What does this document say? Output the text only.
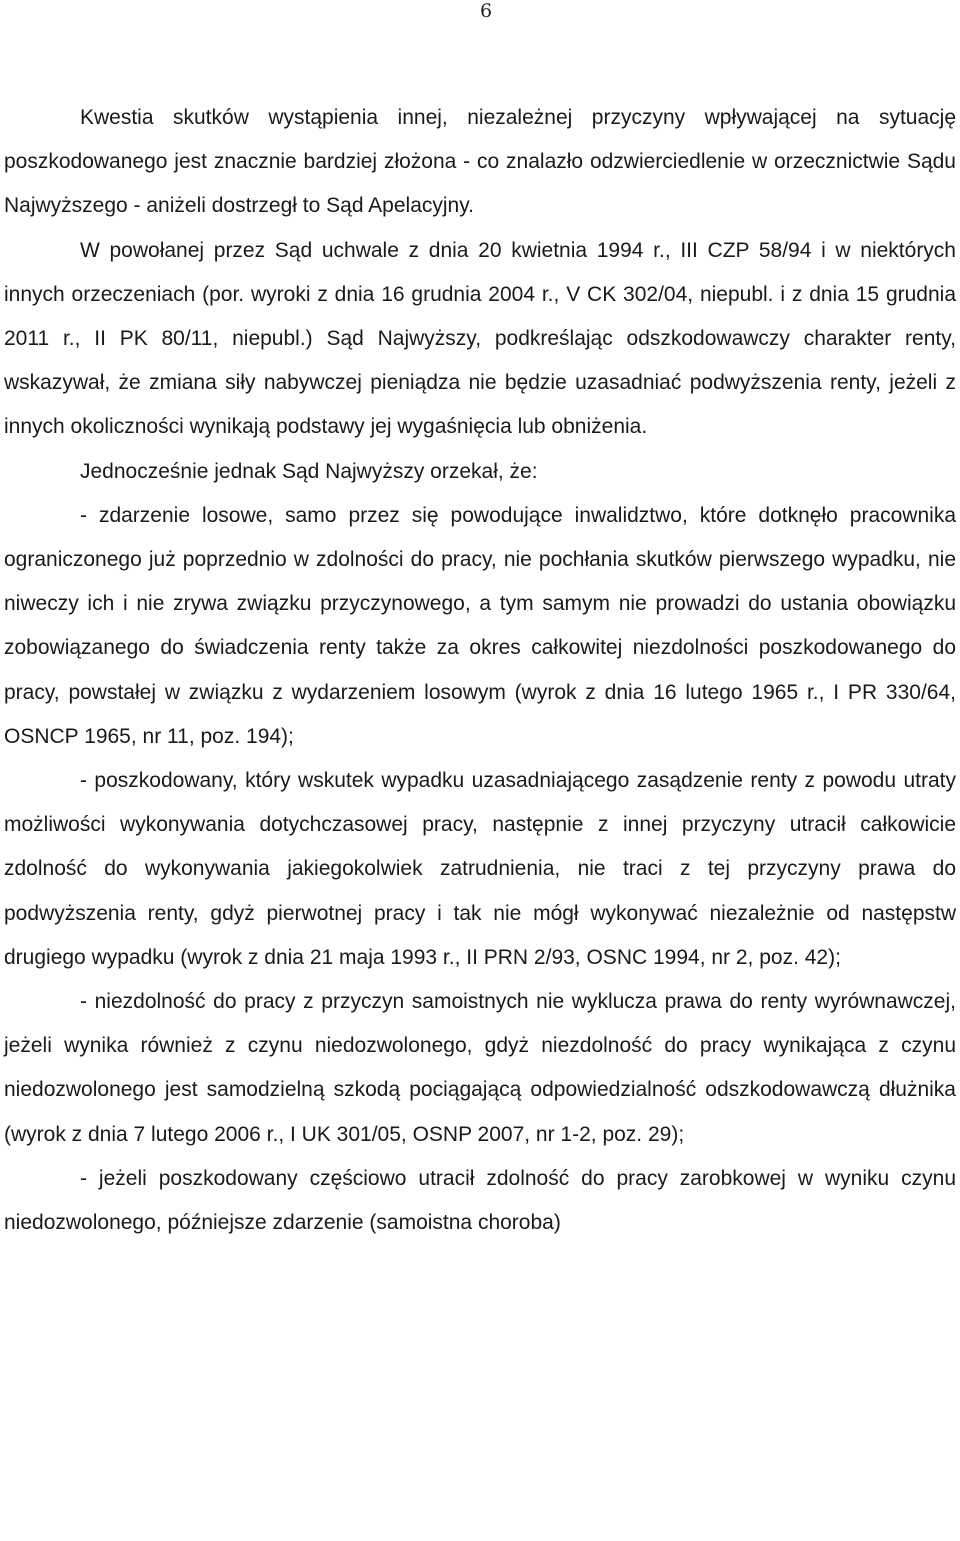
6

Kwestia skutków wystąpienia innej, niezależnej przyczyny wpływającej na sytuację poszkodowanego jest znacznie bardziej złożona - co znalazło odzwierciedlenie w orzecznictwie Sądu Najwyższego - aniżeli dostrzegł to Sąd Apelacyjny.

W powołanej przez Sąd uchwale z dnia 20 kwietnia 1994 r., III CZP 58/94 i w niektórych innych orzeczeniach (por. wyroki z dnia 16 grudnia 2004 r., V CK 302/04, niepubl. i z dnia 15 grudnia 2011 r., II PK 80/11, niepubl.) Sąd Najwyższy, podkreślając odszkodowawczy charakter renty, wskazywał, że zmiana siły nabywczej pieniądza nie będzie uzasadniać podwyższenia renty, jeżeli z innych okoliczności wynikają podstawy jej wygaśnięcia lub obniżenia.

Jednocześnie jednak Sąd Najwyższy orzekał, że:

- zdarzenie losowe, samo przez się powodujące inwalidztwo, które dotknęło pracownika ograniczonego już poprzednio w zdolności do pracy, nie pochłania skutków pierwszego wypadku, nie niweczy ich i nie zrywa związku przyczynowego, a tym samym nie prowadzi do ustania obowiązku zobowiązanego do świadczenia renty także za okres całkowitej niezdolności poszkodowanego do pracy, powstałej w związku z wydarzeniem losowym (wyrok z dnia 16 lutego 1965 r., I PR 330/64, OSNCP 1965, nr 11, poz. 194);

- poszkodowany, który wskutek wypadku uzasadniającego zasądzenie renty z powodu utraty możliwości wykonywania dotychczasowej pracy, następnie z innej przyczyny utracił całkowicie zdolność do wykonywania jakiegokolwiek zatrudnienia, nie traci z tej przyczyny prawa do podwyższenia renty, gdyż pierwotnej pracy i tak nie mógł wykonywać niezależnie od następstw drugiego wypadku (wyrok z dnia 21 maja 1993 r., II PRN 2/93, OSNC 1994, nr 2, poz. 42);

- niezdolność do pracy z przyczyn samoistnych nie wyklucza prawa do renty wyrównawczej, jeżeli wynika również z czynu niedozwolonego, gdyż niezdolność do pracy wynikająca z czynu niedozwolonego jest samodzielną szkodą pociągającą odpowiedzialność odszkodowawczą dłużnika (wyrok z dnia 7 lutego 2006 r., I UK 301/05, OSNP 2007, nr 1-2, poz. 29);

- jeżeli poszkodowany częściowo utracił zdolność do pracy zarobkowej w wyniku czynu niedozwolonego, późniejsze zdarzenie (samoistna choroba)
